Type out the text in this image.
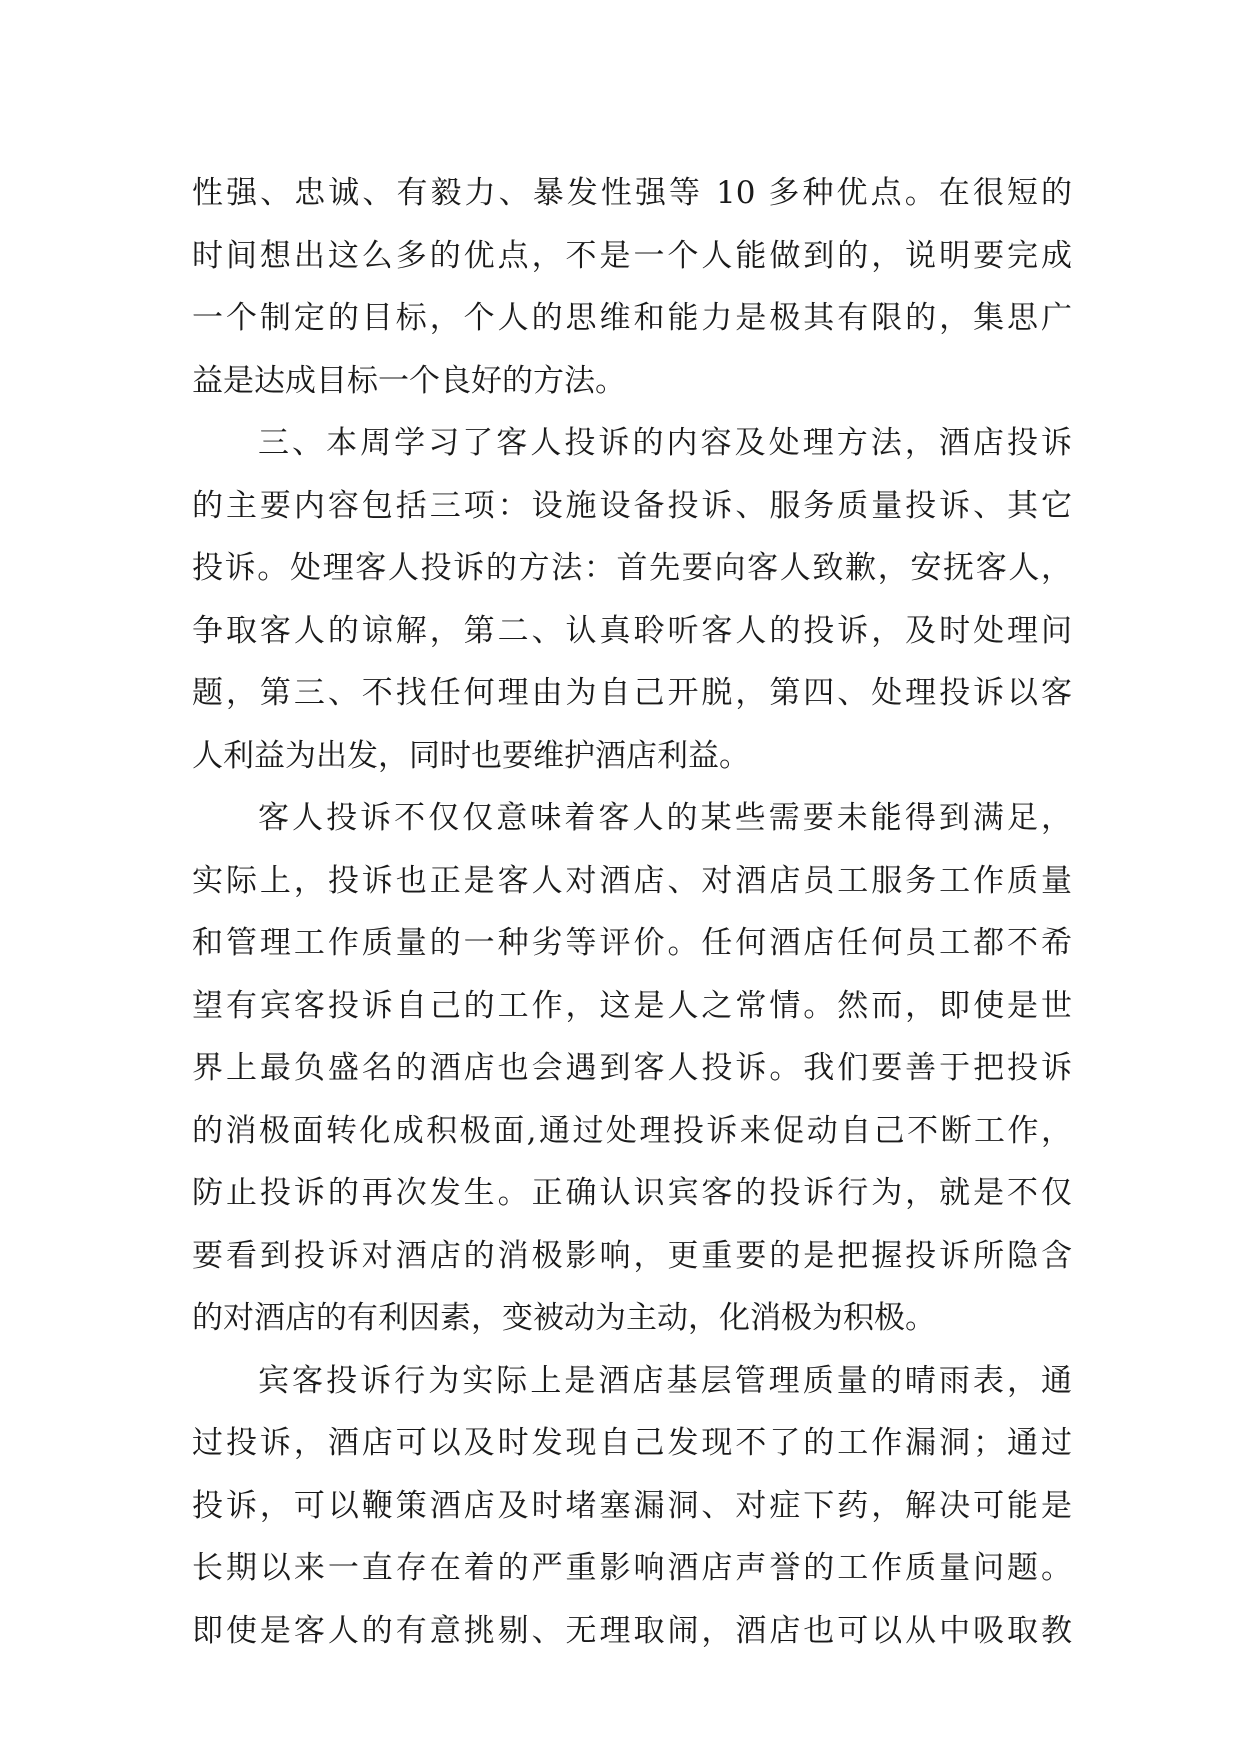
性强、忠诚、有毅力、暴发性强等 10 多种优点。在很短的
时间想出这么多的优点，不是一个人能做到的，说明要完成
一个制定的目标，个人的思维和能力是极其有限的，集思广
益是达成目标一个良好的方法。
三、本周学习了客人投诉的内容及处理方法，酒店投诉
的主要内容包括三项：设施设备投诉、服务质量投诉、其它
投诉。处理客人投诉的方法：首先要向客人致歉，安抚客人，
争取客人的谅解，第二、认真聆听客人的投诉，及时处理问
题，第三、不找任何理由为自己开脱，第四、处理投诉以客
人利益为出发，同时也要维护酒店利益。
客人投诉不仅仅意味着客人的某些需要未能得到满足，
实际上，投诉也正是客人对酒店、对酒店员工服务工作质量
和管理工作质量的一种劣等评价。任何酒店任何员工都不希
望有宾客投诉自己的工作，这是人之常情。然而，即使是世
界上最负盛名的酒店也会遇到客人投诉。我们要善于把投诉
的消极面转化成积极面,通过处理投诉来促动自己不断工作，
防止投诉的再次发生。正确认识宾客的投诉行为，就是不仅
要看到投诉对酒店的消极影响，更重要的是把握投诉所隐含
的对酒店的有利因素，变被动为主动，化消极为积极。
宾客投诉行为实际上是酒店基层管理质量的晴雨表，通
过投诉，酒店可以及时发现自己发现不了的工作漏洞；通过
投诉，可以鞭策酒店及时堵塞漏洞、对症下药，解决可能是
长期以来一直存在着的严重影响酒店声誉的工作质量问题。
即使是客人的有意挑剔、无理取闹，酒店也可以从中吸取教
